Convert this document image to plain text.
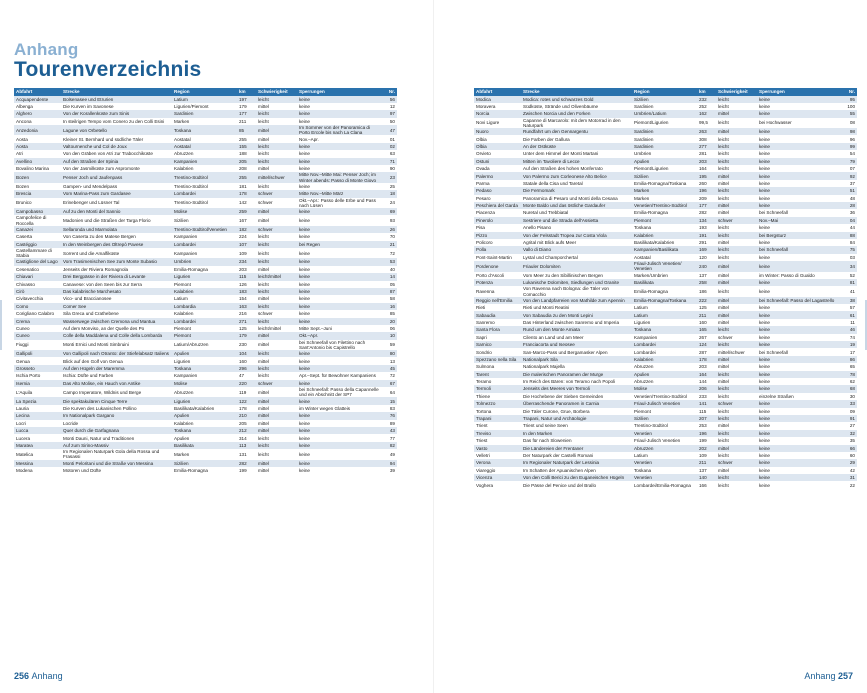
Anhang
Tourenverzeichnis
Abfahrt	Strecke	Region	km	Schwierigkeit	Sperrungen	Nr.
Acquapendente	Bolsenasee und Etrurien	Latium	197	leicht	keine	56
Albenga	Die Kurven im Savonese	Ligurien/Piemont	179	mittel	keine	12
Alghero	Von der Korallenküste zum Sinis	Sardinien	177	leicht	keine	97
Ancona	In steilrigen Tempo vom Conero zu den Colli Esini	Marken	211	leicht	keine	50
Anzedonia	Lagune von Orbetello	Toskana	85	mittel	Im Sommer von der Panoramica di Porto Ercole bis nach La Clana	47
Aosta	Kleiner St. Bernhard und südliche Täler	Aostatal	255	mittel	Nov.–Apr.	01
Aosta	Valtournenche und Col de Joux	Aostatal	155	leicht	keine	02
Atri	Von den Gräben von Atri zur Trabocchiküste	Abruzzen	188	leicht	keine	63
Avellino	Auf den Straßen der Irpinia	Kampanien	205	leicht	keine	71
Bovalino Marina	Von der Jasmilküste zum Aspromonte	Kalabrien	208	mittel	keine	90
Bozen	Penser Joch und Jaufenpass	Trentino-Südtirol	255	mittel/schwer	Mitte Nov.–Mitte Mai: Penser Joch; im Winter abends: Passo di Monte Giovo	23
Bozen	Gampen- und Mendelpass	Trentino-Südtirol	181	leicht	keine	25
Brescia	Vom Marina-Pass zum Gardasee	Lombardei	178	schwer	Mitte Nov.–Mitte März	18
Brunico	Erinebenger und Lüsner Tal	Trentino-Südtirol	142	schwer	Okt.–Apr.: Passo delle Erbe und Pass nach Lüsen	24
Campobasso	Auf zu den Monti del Sannio	Molise	259	mittel	keine	69
Campofelice di Roccella	Madonien und die Straßen der Targa Florio	Sizilien	167	mittel	keine	93
Canazei	Sellaronda und Marmolata	Trentino-Südtirol/Venetien	182	schwer	keine	26
Caserta	Von Caserta zu den Matese Bergen	Kampanien	224	leicht	keine	70
Castéggio	In den Weinbergen des Oltrepò Pavese	Lombardei	107	leicht	bei Regen	21
Castellammare di Stabia	Sorrent und die Amalfiküste	Kampanien	109	leicht	keine	72
Castiglione del Lago	Vom Trasimenischen See zum Monte Subasio	Umbrien	234	leicht	keine	53
Cesenatico	Jenseits der Riviera Romagnola	Emilia-Romagna	203	mittel	keine	40
Chiavari	Drei Bergpässe in der Riviera di Levante	Ligurien	115	leicht/mittel	keine	14
Chivasso	Canavese: von den Seen bis zur Serra	Piemont	126	leicht	keine	05
Cirò	Das kalabrische Marchesato	Kalabrien	183	leicht	keine	87
Civitavecchia	Vico- und Braccianosee	Latium	154	mittel	keine	58
Como	Comer See	Lombardia	163	leicht	keine	16
Corigliano Calabro	Sila Greca und Crathebene	Kalabrien	216	schwer	keine	85
Crema	Wasserwege zwischen Cremona und Mantua	Lombardei	271	leicht	keine	20
Cuneo	Auf dem Monviso, an der Quelle des Po	Piemont	125	leicht/mittel	Mitte Sept.–Juni	06
Cuneo	Colle della Maddalena und Colle della Lombarda	Piemont	179	mittel	Okt.–Apr.	10
Fiuggi	Monti Ernici und Monti Simbruini	Latium/Abruzzen	230	mittel	bei Schneefall von Filettino nach Sant'Antonio bis Capistrello	59
Gallipoli	Von Gallipoli nach Otranto: der Stiefelabsatz Italiens	Apulien	104	leicht	keine	80
Genua	Blick auf den Golf von Genua	Ligurien	160	mittel	keine	13
Grosseto	Auf den Hügeln der Maremma	Toskana	296	leicht	keine	45
Ischia Porto	Ischia: Düfte und Farben	Kampanien	47	leicht	Apr.–Sept. für Bewohner Kampaniens	72
Isernia	Das Alto Molise, ein Hauch von Antike	Molise	220	schwer	keine	67
L'Aquila	Campo Imperatore, Wildnis und Berge	Abruzzen	119	mittel	bei Schneefall: Passo della Capannelle und ein Abschnitt der SP7	64
La Spezia	Die spektakulären Cinque Terre	Ligurien	122	mittel	keine	15
Lauria	Die Kurven des Lukanischen Pollino	Basilikata/Kalabrien	178	mittel	im Winter wegen Glatteis	83
Lecina	Im Nationalpark Gargano	Apulien	210	mittel	keine	76
Locri	Locride	Kalabrien	205	mittel	keine	89
Lucca	Quer durch die Garfagnana	Toskana	212	mittel	keine	43
Lucera	Monti Dauni, Natur und Traditionen	Apulien	314	leicht	keine	77
Maratea	Auf zum Sirino-Massiv	Basilikata	113	leicht	keine	82
Matelica	Im Regionalen Naturpark Gola della Rossa und Frasassi	Marken	131	leicht	keine	49
Messina	Monti Peloritani und die Straße von Messina	Sizilien	282	mittel	keine	94
Modena	Motoren und Düfte	Emilia-Romagna	199	mittel	keine	39
Abfahrt	Strecke	Region	km	Schwierigkeit	Sperrungen	Nr.
Modica	Modica: rotes und schwarzes Gold	Sizilien	232	leicht	keine	95
Moravera	Südküste, Strände und Olivenbäume	Sardinien	252	leicht	keine	100
Norcia	Zwischen Norcia und den Forken	Umbrien/Latium	162	mittel	keine	55
Novi Ligure	Capanne di Marcarolo: mit dem Motorrad in den Naturpark	Piemont/Ligurien	99,5	leicht	bei Hochwasser	08
Nuoro	Rundfahrt um den Gennargentu	Sardinien	263	mittel	keine	98
Olbia	Die Farben der Gallura	Sardinien	308	leicht	keine	96
Olbia	An der Ostküste	Sardinien	277	leicht	keine	99
Orvieto	Unter dem Himmel der Monti Martani	Umbrien	281	leicht	keine	54
Ostuni	Mitten im Tavoliere di Lecce	Apulien	203	leicht	keine	79
Ovada	Auf den Straßen des hohen Monferrato	Piemont/Ligurien	164	leicht	keine	07
Palermo	Von Palermo zum Corleonese Alto Belice	Sizilien	195	mittel	keine	92
Parma	Statale della Cisa und Taretal	Emilia-Romagna/Toskana	260	mittel	keine	37
Pedaso	Die Fermomark	Marken	196	leicht	keine	51
Pesaro	Panoramica di Pesaro und Monti della Cesana	Marken	209	leicht	keine	48
Peschiera del Garda	Monte Baldo und das östliche Gardaufer	Venetien/Trentino-Südtirol	177	mittel	keine	28
Piacenza	Nuretal und Trebbiatal	Emilia-Romagna	282	mittel	bei Schneefall	36
Pinerolo	Sestriere und die Strada dell'Assietta	Piemont	134	schwer	Nov.–Mai	04
Pisa	Anello Pisano	Toskana	193	leicht	keine	44
Pizzo	Von der Felsstadt Tropea zur Costa Viola	Kalabrien	191	leicht	bei Bergsturz	88
Policoro	Agrital mit Blick aufs Meer	Basilikata/Kalabrien	291	mittel	keine	84
Polla	Vallo di Diano	Kampanien/Basilikata	169	leicht	bei Schneefall	75
Pont-Saint-Martin	Lystal und Champorchertal	Aostatal	120	leicht	keine	03
Pordenone	Friauler Dolomiten	Friaul-Julisch Venetien/ Venetien	240	mittel	keine	34
Porto d'Ascoli	Vom Meer zu den Sibillinischen Bergen	Marken/Umbrien	137	mittel	im Winter: Passo di Gualdo	52
Potenza	Lukanische Dolomiten, Siedlungen und Granite	Basilikata	258	mittel	keine	81
Ravenna	Von Ravenna nach Bologna: die Täler von Comacchio	Emilia-Romagna	186	leicht	keine	41
Reggio nell'Emilia	Von den Landpfarreien von Mathilde zum Apennin	Emilia-Romagna/Toskana	222	mittel	bei Schneefall: Passo del Lagastrello	38
Rieti	Rieti und Monti Reatini	Latium	125	mittel	keine	57
Sabaudia	Von Sabaudia zu den Monti Lepini	Latium	211	mittel	keine	61
Sanremo	Das Hinterland zwischen Sanremo und Imperia	Ligurien	160	mittel	keine	11
Santa Flora	Rund um den Monte Amiata	Toskana	165	leicht	keine	46
Sapri	Cilento an Land und am Meer	Kampanien	267	schwer	keine	74
Sarnico	Franciacorta und Iseosee	Lombardei	124	leicht	keine	19
Sondrio	San-Marco-Pass und Bergamasker Alpen	Lombardei	287	mittel/schwer	bei Schneefall	17
Spezzano nella Sila	Nationalpark Sila	Kalabrien	178	mittel	keine	86
Sulmona	Nationalpark Majella	Abruzzen	203	mittel	keine	65
Tarent	Die malerischen Panoramen der Murge	Apulien	164	leicht	keine	78
Teramo	Im Reich des Bären: von Teramo nach Popoli	Abruzzen	144	mittel	keine	62
Termoli	Jenseits des Meeres von Termoli	Molise	206	leicht	keine	68
Thiene	Die Hochebene der Sieben Gemeinden	Venetien/Trentino-Südtirol	233	leicht	einzelne Straßen	30
Tolmezzo	Überraschende Panoramen in Carnia	Friaul-Julisch Venetien	141	schwer	keine	33
Tortona	Die Täler Curone, Grue, Borbera	Piemont	115	leicht	keine	09
Trapani	Trapani, Natur und Archäologie	Sizilien	207	leicht	keine	91
Trient	Trient und seine Seen	Trentino-Südtirol	253	mittel	keine	27
Treviso	In den Marken	Venetien	196	leicht	keine	32
Triest	Das für nach Slowenien	Friaul-Julisch Venetien	199	leicht	keine	35
Vasto	Die Ländereien der Frentaner	Abruzzen	202	mittel	keine	66
Velletri	Der Naturpark der Castelli Romani	Latium	109	leicht	keine	60
Verona	Im Regionaler Naturpark der Lessinia	Venetien	211	schwer	keine	29
Viareggio	Im Schatten der Apuanischen Alpen	Toskana	137	mittel	keine	42
Vicenza	Von den Colli Berici zu den Euganeischen Hügeln	Venetien	140	leicht	keine	31
Voghera	Die Pässe del Penice und del Brallo	Lombardei/Emilia-Romagna	166	leicht	keine	22
256 Anhang	Anhang 257
